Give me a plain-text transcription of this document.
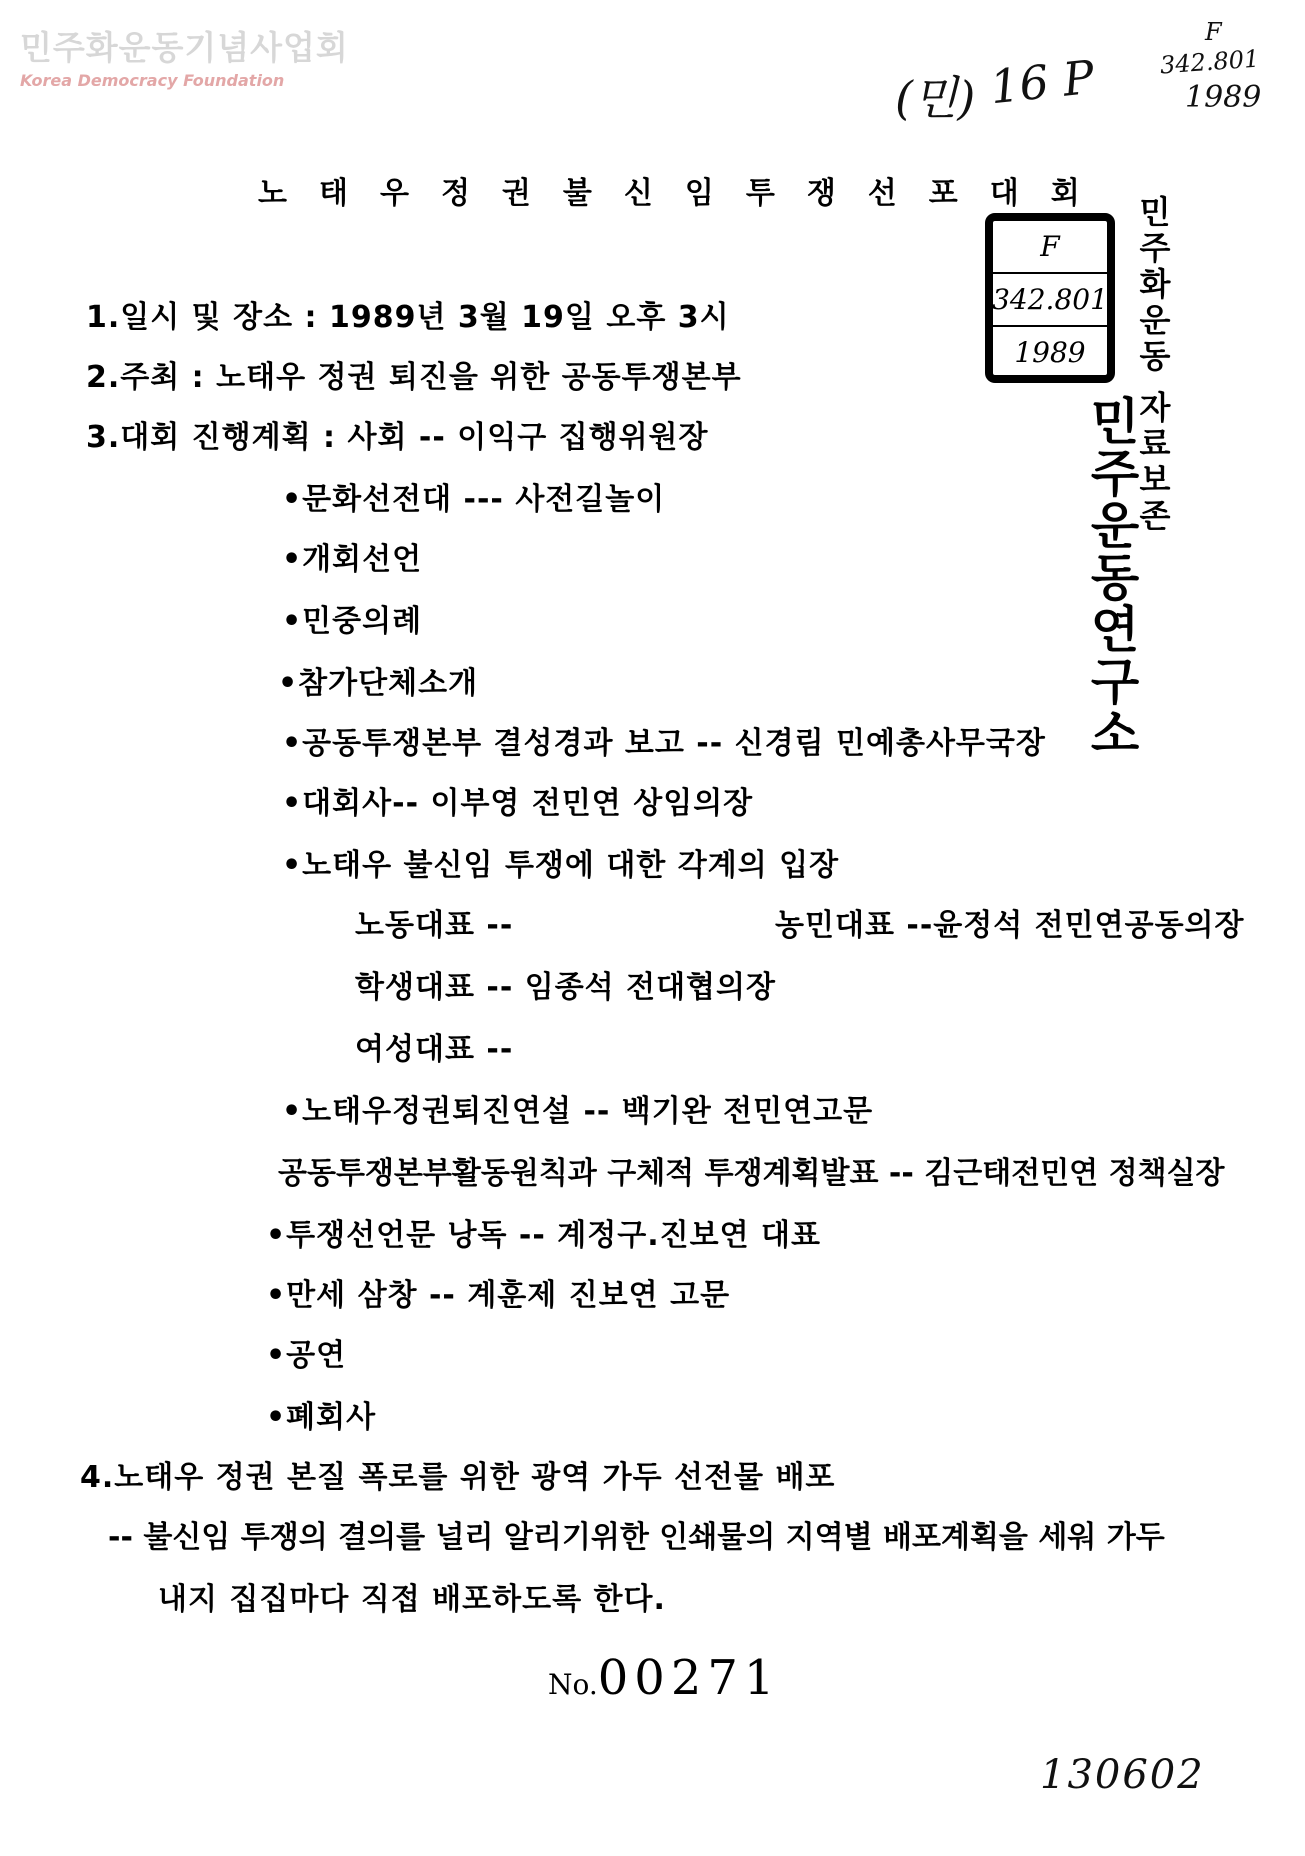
민주화운동기념사업회
Korea Democracy Foundation	(민) 16 P
F
342.801
1989
노태우정권불신임투쟁선포대회
F
342.801
1989
민주운동연구소
민주화운동 자료보존
1.일시 및 장소 : 1989년 3월 19일 오후 3시
2.주최 : 노태우 정권 퇴진을 위한 공동투쟁본부
3.대회 진행계획 : 사회 -- 이익구 집행위원장
•문화선전대 --- 사전길놀이
•개회선언
•민중의례
•참가단체소개
•공동투쟁본부 결성경과 보고 -- 신경림 민예총사무국장
•대회사-- 이부영 전민연 상임의장
•노태우 불신임 투쟁에 대한 각계의 입장
노동대표 --	농민대표 --윤정석 전민연공동의장
학생대표 -- 임종석 전대협의장
여성대표 --
•노태우정권퇴진연설 -- 백기완 전민연고문
공동투쟁본부활동원칙과 구체적 투쟁계획발표 -- 김근태전민연 정책실장
•투쟁선언문 낭독 -- 계정구.진보연 대표
•만세 삼창 -- 계훈제 진보연 고문
•공연
•폐회사
4.노태우 정권 본질 폭로를 위한 광역 가두 선전물 배포
-- 불신임 투쟁의 결의를 널리 알리기위한 인쇄물의 지역별 배포계획을 세워 가두
내지 집집마다 직접 배포하도록 한다.
No.00271
130602
